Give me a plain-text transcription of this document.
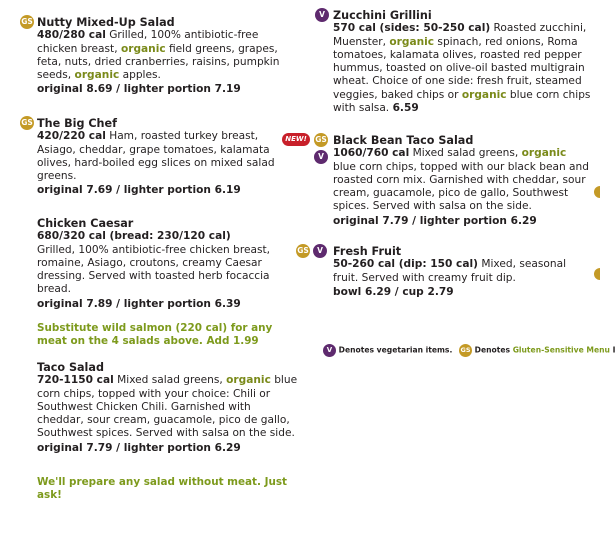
GS Nutty Mixed-Up Salad
480/280 cal Grilled, 100% antibiotic-free chicken breast, organic field greens, grapes, feta, nuts, dried cranberries, raisins, pumpkin seeds, organic apples.
original 8.69 / lighter portion 7.19
GS The Big Chef
420/220 cal Ham, roasted turkey breast, Asiago, cheddar, grape tomatoes, kalamata olives, hard-boiled egg slices on mixed salad greens.
original 7.69 / lighter portion 6.19
Chicken Caesar
680/320 cal (bread: 230/120 cal)
Grilled, 100% antibiotic-free chicken breast, romaine, Asiago, croutons, creamy Caesar dressing. Served with toasted herb focaccia bread.
original 7.89 / lighter portion 6.39
Substitute wild salmon (220 cal) for any meat on the 4 salads above. Add 1.99
Taco Salad
720-1150 cal Mixed salad greens, organic blue corn chips, topped with your choice: Chili or Southwest Chicken Chili. Garnished with cheddar, sour cream, guacamole, pico de gallo, Southwest spices. Served with salsa on the side.
original 7.79 / lighter portion 6.29
We'll prepare any salad without meat. Just ask!
V Zucchini Grillini
570 cal (sides: 50-250 cal) Roasted zucchini, Muenster, organic spinach, red onions, Roma tomatoes, kalamata olives, roasted red pepper hummus, toasted on olive-oil basted multigrain wheat. Choice of one side: fresh fruit, steamed veggies, baked chips or organic blue corn chips with salsa. 6.59
NEW!	GS
V
Black Bean Taco Salad
1060/760 cal Mixed salad greens, organic blue corn chips, topped with our black bean and roasted corn mix. Garnished with cheddar, sour cream, guacamole, pico de gallo, Southwest spices. Served with salsa on the side.
original 7.79 / lighter portion 6.29
GS	V Fresh Fruit
50-260 cal (dip: 150 cal) Mixed, seasonal fruit. Served with creamy fruit dip.
bowl 6.29 / cup 2.79
V Denotes vegetarian items. GS Denotes Gluten-Sensitive Menu I
